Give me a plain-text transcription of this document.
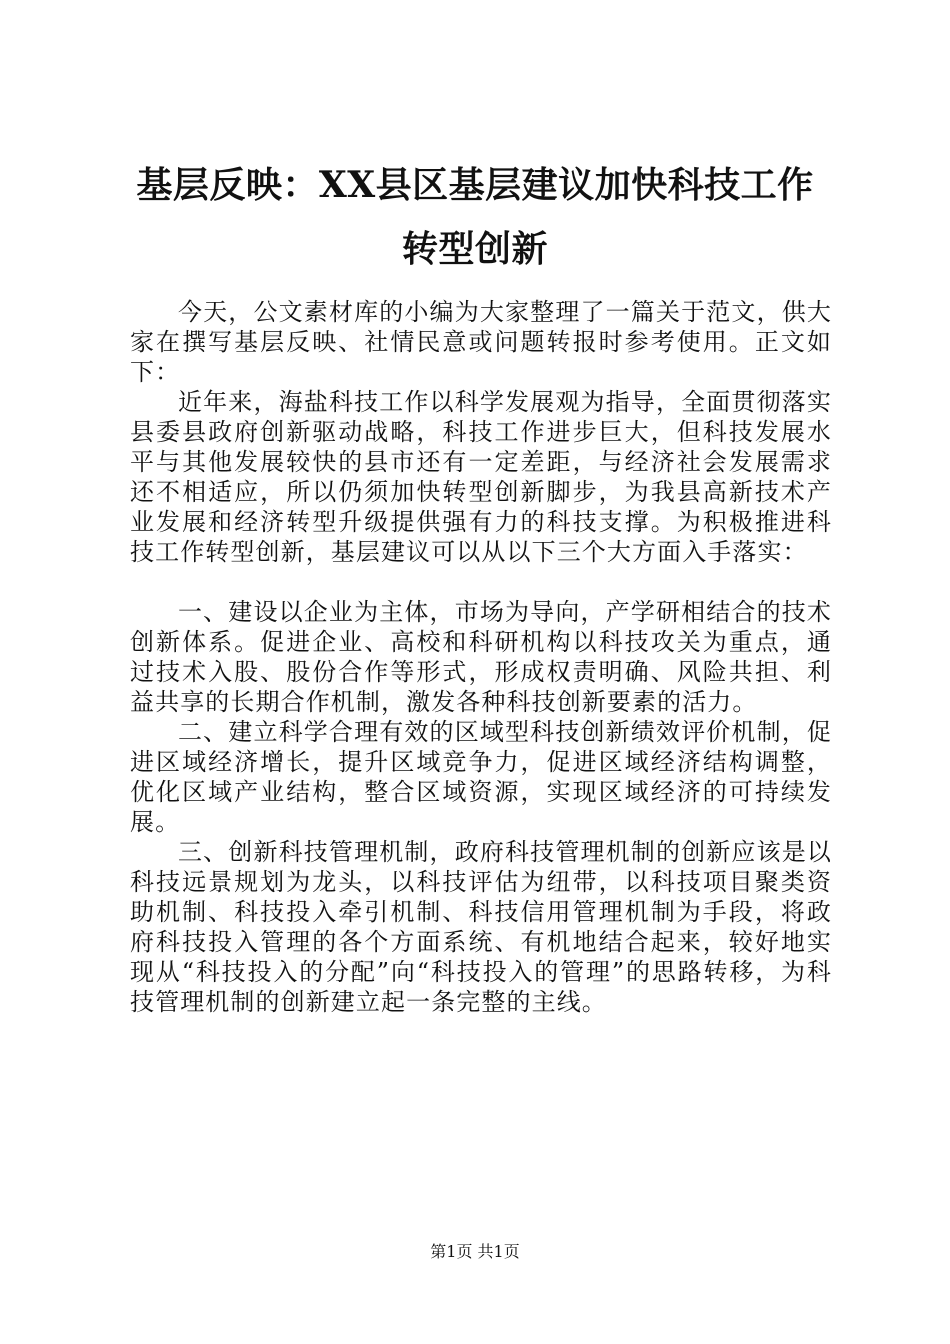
基层反映：XX县区基层建议加快科技工作转型创新

今天，公文素材库的小编为大家整理了一篇关于范文，供大家在撰写基层反映、社情民意或问题转报时参考使用。正文如下：

近年来，海盐科技工作以科学发展观为指导，全面贯彻落实县委县政府创新驱动战略，科技工作进步巨大，但科技发展水平与其他发展较快的县市还有一定差距，与经济社会发展需求还不相适应，所以仍须加快转型创新脚步，为我县高新技术产业发展和经济转型升级提供强有力的科技支撑。为积极推进科技工作转型创新，基层建议可以从以下三个大方面入手落实：

一、建设以企业为主体，市场为导向，产学研相结合的技术创新体系。促进企业、高校和科研机构以科技攻关为重点，通过技术入股、股份合作等形式，形成权责明确、风险共担、利益共享的长期合作机制，激发各种科技创新要素的活力。

二、建立科学合理有效的区域型科技创新绩效评价机制，促进区域经济增长，提升区域竞争力，促进区域经济结构调整，优化区域产业结构，整合区域资源，实现区域经济的可持续发展。

三、创新科技管理机制，政府科技管理机制的创新应该是以科技远景规划为龙头，以科技评估为纽带，以科技项目聚类资助机制、科技投入牵引机制、科技信用管理机制为手段，将政府科技投入管理的各个方面系统、有机地结合起来，较好地实现从“科技投入的分配”向“科技投入的管理”的思路转移，为科技管理机制的创新建立起一条完整的主线。

第1页 共1页
